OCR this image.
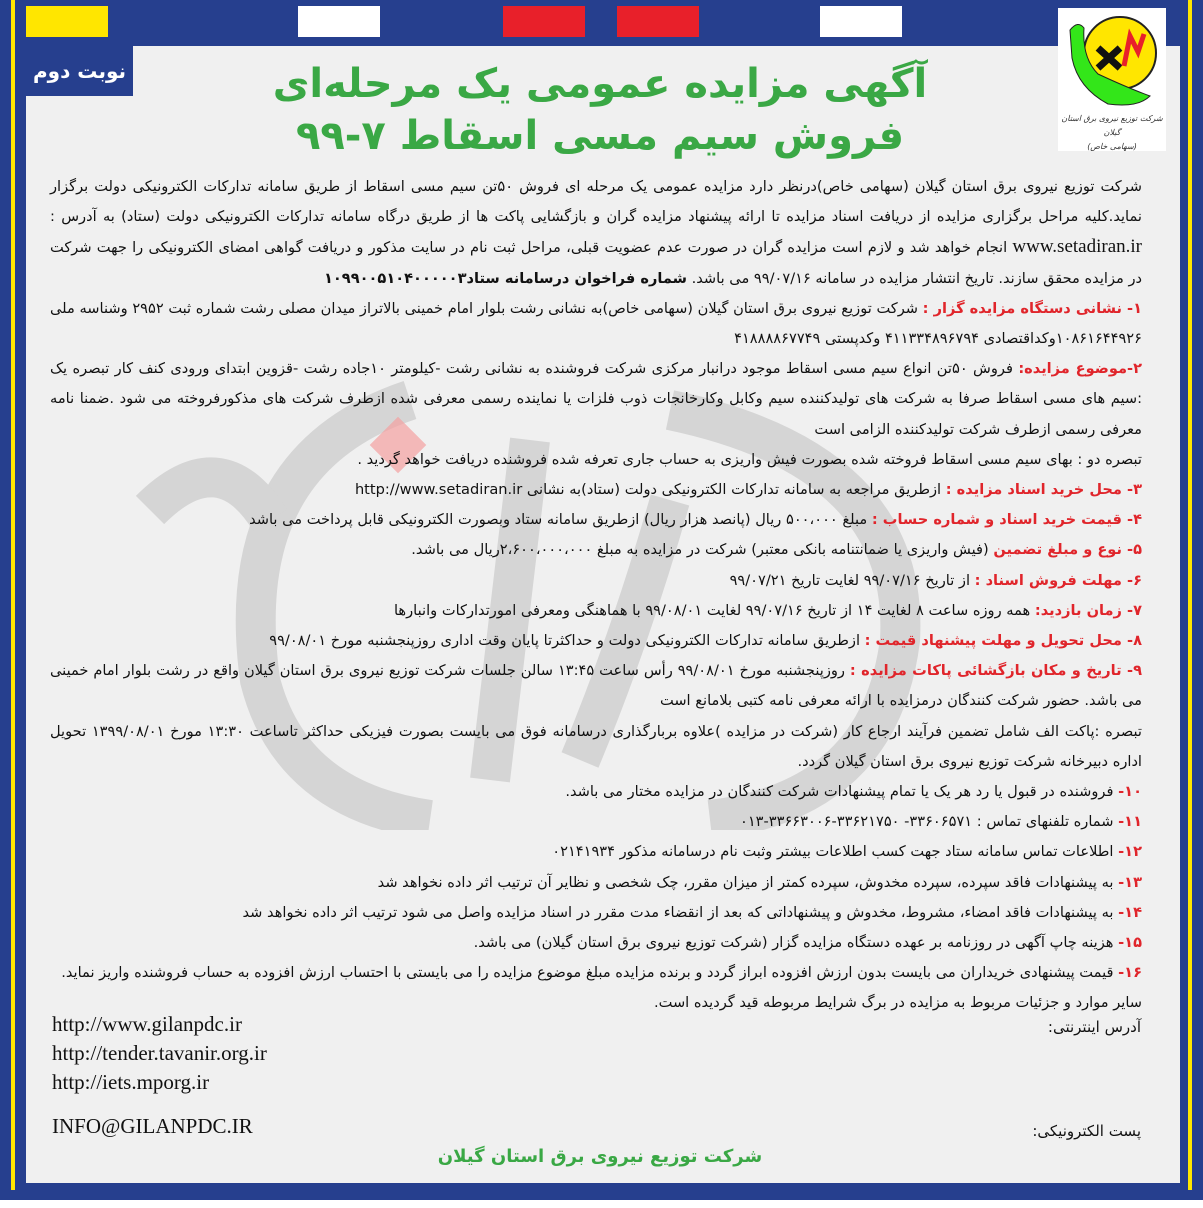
نوبت دوم
شرکت توزیع نیروی برق استان گیلان
(سهامی خاص)
آگهی مزایده عمومی یک مرحله‌ای
فروش سیم مسی اسقاط ۷-۹۹

شرکت توزیع نیروی برق استان گیلان (سهامی خاص)درنظر دارد مزایده عمومی یک مرحله ای فروش ۵۰تن سیم مسی اسقاط از طریق سامانه تدارکات الکترونیکی دولت برگزار نماید.کلیه مراحل برگزاری مزایده از دریافت اسناد مزایده تا ارائه پیشنهاد مزایده گران و بازگشایی پاکت ها از طریق درگاه سامانه تدارکات الکترونیکی دولت (ستاد) به آدرس : www.setadiran.ir انجام خواهد شد و لازم است مزایده گران در صورت عدم عضویت قبلی، مراحل ثبت نام در سایت مذکور و دریافت گواهی امضای الکترونیکی را جهت شرکت در مزایده محقق سازند. تاریخ انتشار مزایده در سامانه ۹۹/۰۷/۱۶ می باشد. شماره فراخوان درسامانه ستاد۱۰۹۹۰۰۵۱۰۴۰۰۰۰۰۳

۱- نشانی دستگاه مزایده گزار : شرکت توزیع نیروی برق استان گیلان (سهامی خاص)به نشانی رشت بلوار امام خمینی بالاتراز میدان مصلی رشت شماره ثبت ۲۹۵۲ وشناسه ملی ۱۰۸۶۱۶۴۴۹۲۶وکداقتصادی ۴۱۱۳۳۴۸۹۶۷۹۴ وکدپستی ۴۱۸۸۸۸۶۷۷۴۹

۲-موضوع مزایده: فروش ۵۰تن انواع سیم مسی اسقاط موجود درانبار مرکزی شرکت فروشنده به نشانی رشت -کیلومتر ۱۰جاده رشت -قزوین ابتدای ورودی کنف کار تبصره یک :سیم های مسی اسقاط صرفا به شرکت های تولیدکننده سیم وکابل وکارخانجات ذوب فلزات یا نماینده رسمی معرفی شده ازطرف شرکت های مذکورفروخته می شود .ضمنا نامه معرفی رسمی ازطرف شرکت تولیدکننده الزامی است

تبصره دو : بهای سیم مسی اسقاط فروخته شده بصورت فیش واریزی به حساب جاری تعرفه شده فروشنده دریافت خواهد گردید .

۳- محل خرید اسناد مزایده : ازطریق مراجعه به سامانه تدارکات الکترونیکی دولت (ستاد)به نشانی http://www.setadiran.ir

۴- قیمت خرید اسناد و شماره حساب : مبلغ ۵۰۰،۰۰۰ ریال (پانصد هزار ریال) ازطریق سامانه ستاد وبصورت الکترونیکی قابل پرداخت می باشد

۵- نوع و مبلغ تضمین (فیش واریزی یا ضمانتنامه بانکی معتبر) شرکت در مزایده به مبلغ ۲،۶۰۰،۰۰۰،۰۰۰ریال می باشد.

۶- مهلت فروش اسناد : از تاریخ ۹۹/۰۷/۱۶ لغایت تاریخ ۹۹/۰۷/۲۱

۷- زمان بازدید: همه روزه ساعت ۸ لغایت ۱۴ از تاریخ ۹۹/۰۷/۱۶ لغایت ۹۹/۰۸/۰۱ با هماهنگی ومعرفی امورتدارکات وانبارها

۸- محل تحویل و مهلت پیشنهاد قیمت : ازطریق سامانه تدارکات الکترونیکی دولت و حداکثرتا پایان وقت اداری روزپنجشنبه مورخ ۹۹/۰۸/۰۱

۹- تاریخ و مکان بازگشائی پاکات مزایده : روزپنجشنبه مورخ ۹۹/۰۸/۰۱ رأس ساعت ۱۳:۴۵ سالن جلسات شرکت توزیع نیروی برق استان گیلان واقع در رشت بلوار امام خمینی می باشد. حضور شرکت کنندگان درمزایده با ارائه معرفی نامه کتبی بلامانع است

تبصره :پاکت الف شامل تضمین فرآیند ارجاع کار (شرکت در مزایده )علاوه بربارگذاری درسامانه فوق می بایست بصورت فیزیکی حداکثر تاساعت ۱۳:۳۰ مورخ ۱۳۹۹/۰۸/۰۱ تحویل اداره دبیرخانه شرکت توزیع نیروی برق استان گیلان گردد.

۱۰- فروشنده در قبول یا رد هر یک یا تمام پیشنهادات شرکت کنندگان در مزایده مختار می باشد.

۱۱- شماره تلفنهای تماس : ۳۳۶۰۶۵۷۱- ۳۳۶۲۱۷۵۰-۳۳۶۶۳۰۰۶-۰۱۳

۱۲- اطلاعات تماس سامانه ستاد جهت کسب اطلاعات بیشتر وثبت نام درسامانه مذکور ۰۲۱۴۱۹۳۴

۱۳- به پیشنهادات فاقد سپرده، سپرده مخدوش، سپرده کمتر از میزان مقرر، چک شخصی و نظایر آن ترتیب اثر داده نخواهد شد

۱۴- به پیشنهادات فاقد امضاء، مشروط، مخدوش و پیشنهاداتی که بعد از انقضاء مدت مقرر در اسناد مزایده واصل می شود ترتیب اثر داده نخواهد شد

۱۵- هزینه چاپ آگهی در روزنامه بر عهده دستگاه مزایده گزار (شرکت توزیع نیروی برق استان گیلان) می باشد.

۱۶- قیمت پیشنهادی خریداران می بایست بدون ارزش افزوده ابراز گردد و برنده مزایده مبلغ موضوع مزایده را می بایستی با احتساب ارزش افزوده به حساب فروشنده واریز نماید.

سایر موارد و جزئیات مربوط به مزایده در برگ شرایط مربوطه قید گردیده است.

آدرس اینترنتی:
http://www.gilanpdc.ir
http://tender.tavanir.org.ir
http://iets.mporg.ir
پست الکترونیکی:
INFO@GILANPDC.IR
شرکت توزیع نیروی برق استان گیلان
